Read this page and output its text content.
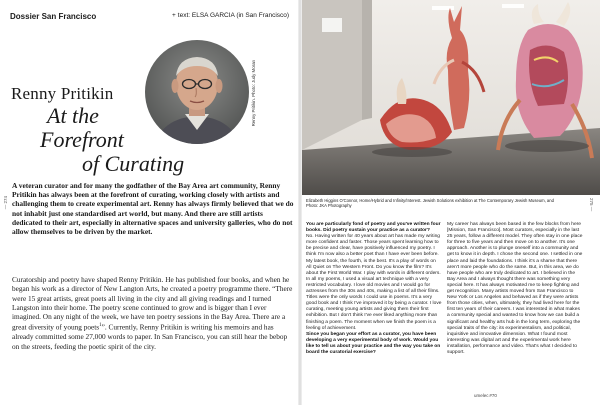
Dossier San Francisco	+ text: ELSA GARCIA (in San Francisco)
Renny Pritikin. Photo: Judy Moran
— 274
Renny Pritikin
At the
Forefront
of Curating

A veteran curator and for many the godfather of the Bay Area art community, Renny Pritikin has always been at the forefront of curating, working closely with artists and challenging them to create experimental art. Renny has always firmly believed that we do not inhabit just one standardised art world, but many. And there are still artists dedicated to their art, especially in alternative spaces and university galleries, who do not allow themselves to be driven by the market.

Curatorship and poetry have shaped Renny Pritikin. He has published four books, and when he began his work as a director of New Langton Arts, he created a poetry programme there. “There were 15 great artists, great poets all living in the city and all giving readings and I turned Langston into their home. The poetry scene continued to grow and is bigger than I ever imagined. On any night of the week, we have ten poetry sessions in the Bay Area. There are a great diversity of young poets$^1$”. Currently, Renny Pritikin is writing his memoirs and has already committed some 27,000 words to paper. In San Francisco, you can still hear the bebop on the streets, feeding the poetic spirit of the city.

Elizabeth Higgins O'Connor, Home/Hybrid and Infinity/Interest. Jewish Solutions exhibition at The Contemporary Jewish Museum, and Photo: JKA Photography	275 —

You are particularly fond of poetry and you've written four books. Did poetry sustain your practice as a curator?

No. Having written for 40 years about art has made my writing more confident and faster. Those years spent learning how to be precise and clear, have positively influenced my poetry. I think I'm now also a better poet than I have ever been before. My latest book, the fourth, is the best. It's a play of words on All Quiet on The Western Front. Do you know the film? It's about the First World War. I play with words in different orders. In all my poems, I used a visual art technique with a very restricted vocabulary. I love old movies and I would go for actresses from the 30s and 40s, making a list of all their films. Titles were the only words I could use in poems. It's a very good book and I think I've improved it by being a curator. I love curating, meeting young artists and giving them their first exhibition. But I don't think I've ever liked anything more than finishing a poem. The moment when we finish the poem is a feeling of achievement.

Since you began your effort as a curator, you have been developing a very experimental body of work. Would you like to tell us about your practice and the way you take on board the curatorial exercise?

My career has always been based in the few blocks from here [Mission, San Francisco]. Most curators, especially in the last 25 years, follow a different model. They often stay in one place for three to five years and then move on to another. It's one approach. Another is to plunge oneself into a community and get to know it in depth. I chose the second one. I settled in one place and laid the foundations. I think it's a shame that there aren't more people who do the same. But, in this area, we do have people who are truly dedicated to art. I believed in the Bay Area and I always thought there was something very special here. It has always motivated me to keep fighting and get recognition. Many artists moved from San Francisco to New York or Los Angeles and behaved as if they were artists from those cities, when, ultimately, they had lived here for the first ten years of their careers. I was interested in what makes a community special and wanted to know how we can build a significant and healthy arts hub in the long term, exploring the special traits of the city: its experimentalism, and political, inquisitive and innovative dimension. What I found most interesting was digital art and the experimental work here installation, performance and video. That's what I decided to support.

umelec #70
